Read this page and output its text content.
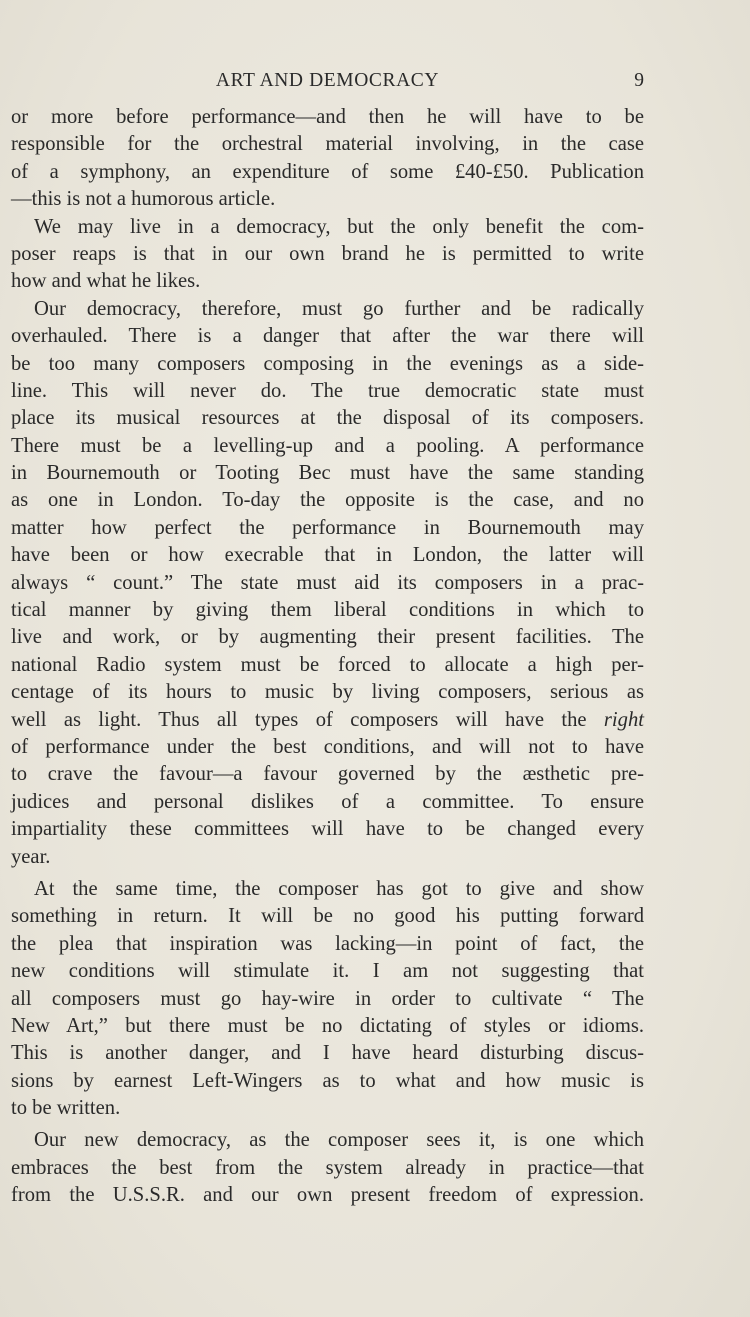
ART AND DEMOCRACY	9
or more before performance—and then he will have to be
responsible for the orchestral material involving, in the case
of a symphony, an expenditure of some £40-£50. Publication
—this is not a humorous article.
We may live in a democracy, but the only benefit the com-
poser reaps is that in our own brand he is permitted to write
how and what he likes.
Our democracy, therefore, must go further and be radically
overhauled. There is a danger that after the war there will
be too many composers composing in the evenings as a side-
line. This will never do. The true democratic state must
place its musical resources at the disposal of its composers.
There must be a levelling-up and a pooling. A performance
in Bournemouth or Tooting Bec must have the same standing
as one in London. To-day the opposite is the case, and no
matter how perfect the performance in Bournemouth may
have been or how execrable that in London, the latter will
always “ count.” The state must aid its composers in a prac-
tical manner by giving them liberal conditions in which to
live and work, or by augmenting their present facilities. The
national Radio system must be forced to allocate a high per-
centage of its hours to music by living composers, serious as
well as light. Thus all types of composers will have the right
of performance under the best conditions, and will not to have
to crave the favour—a favour governed by the æsthetic pre-
judices and personal dislikes of a committee. To ensure
impartiality these committees will have to be changed every
year.
At the same time, the composer has got to give and show
something in return. It will be no good his putting forward
the plea that inspiration was lacking—in point of fact, the
new conditions will stimulate it. I am not suggesting that
all composers must go hay-wire in order to cultivate “ The
New Art,” but there must be no dictating of styles or idioms.
This is another danger, and I have heard disturbing discus-
sions by earnest Left-Wingers as to what and how music is
to be written.
Our new democracy, as the composer sees it, is one which
embraces the best from the system already in practice—that
from the U.S.S.R. and our own present freedom of expression.
